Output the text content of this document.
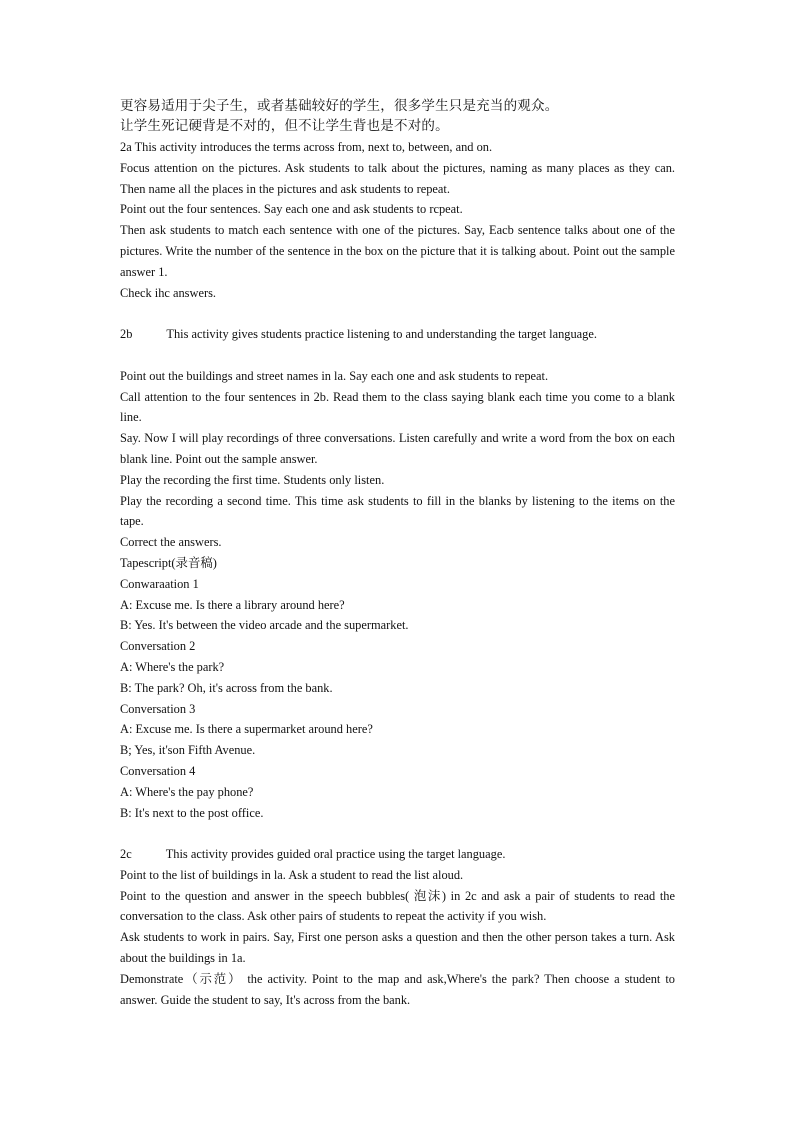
更容易适用于尖子生，或者基础较好的学生，很多学生只是充当的观众。

让学生死记硬背是不对的，但不让学生背也是不对的。

2a This activity introduces the terms across from, next to, between, and on.

Focus attention on the pictures. Ask students to talk about the pictures, naming as many places as they can. Then name all the places in the pictures and ask students to repeat.

Point out the four sentences. Say each one and ask students to rcpeat.

Then ask students to match each sentence with one of the pictures. Say, Eacb sentence talks about one of the pictures. Write the number of the sentence in the box on the picture that it is talking about. Point out the sample answer 1.

Check ihc answers.

2b	This activity gives students practice listening to and understanding the target language.

Point out the buildings and street names in la. Say each one and ask students to repeat.

Call attention to the four sentences in 2b. Read them to the class saying blank each time you come to a blank line.

Say. Now I will play recordings of three conversations. Listen carefully and write a word from the box on each blank line. Point out the sample answer.

Play the recording the first time. Students only listen.

Play the recording a second time. This time ask students to fill in the blanks by listening to the items on the tape.

Correct the answers.

Tapescript(录音稿)

Conwaraation 1

A: Excuse me. Is there a library around here?

B: Yes. It's between the video arcade and the supermarket.

Conversation 2

A: Where's the park?

B: The park? Oh, it's across from the bank.

Conversation 3

A: Excuse me. Is there a supermarket around here?

B; Yes, it'son Fifth Avenue.

Conversation 4

A: Where's the pay phone?

B: It's next to the post office.

2c	This activity provides guided oral practice using the target language.

Point to the list of buildings in la. Ask a student to read the list aloud.

Point to the question and answer in the speech bubbles( 泡沫) in 2c and ask a pair of students to read the conversation to the class. Ask other pairs of students to repeat the activity if you wish.

Ask students to work in pairs. Say, First one person asks a question and then the other person takes a turn. Ask about the buildings in 1a.

Demonstrate（示范） the activity. Point to the map and ask,Where's the park? Then choose a student to answer. Guide the student to say, It's across from the bank.
